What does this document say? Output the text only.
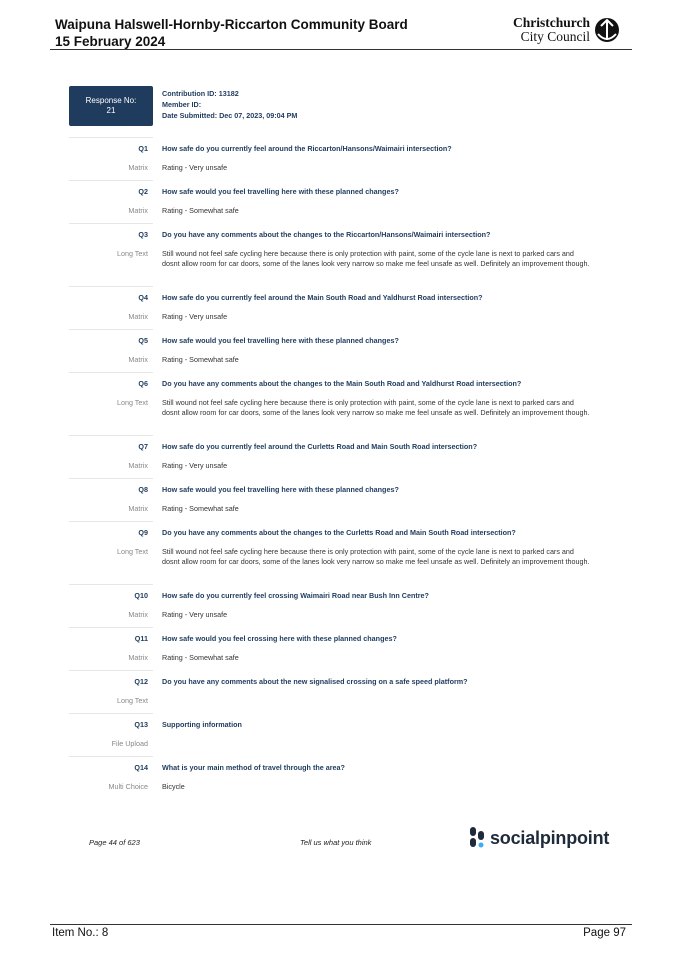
Waipuna Halswell-Hornby-Riccarton Community Board
15 February 2024
Christchurch
City Council
Response No:
21
Contribution ID: 13182
Member ID:
Date Submitted: Dec 07, 2023, 09:04 PM
Q1 How safe do you currently feel around the Riccarton/Hansons/Waimairi intersection?
Matrix Rating - Very unsafe
Q2 How safe would you feel travelling here with these planned changes?
Matrix Rating - Somewhat safe
Q3 Do you have any comments about the changes to the Riccarton/Hansons/Waimairi intersection?
Long Text Still wound not feel safe cycling here because there is only protection with paint, some of the cycle lane is next to parked cars and dosnt allow room for car doors, some of the lanes look very narrow so make me feel unsafe as well. Definitely an improvement though.
Q4 How safe do you currently feel around the Main South Road and Yaldhurst Road intersection?
Matrix Rating - Very unsafe
Q5 How safe would you feel travelling here with these planned changes?
Matrix Rating - Somewhat safe
Q6 Do you have any comments about the changes to the Main South Road and Yaldhurst Road intersection?
Long Text Still wound not feel safe cycling here because there is only protection with paint, some of the cycle lane is next to parked cars and dosnt allow room for car doors, some of the lanes look very narrow so make me feel unsafe as well. Definitely an improvement though.
Q7 How safe do you currently feel around the Curletts Road and Main South Road intersection?
Matrix Rating - Very unsafe
Q8 How safe would you feel travelling here with these planned changes?
Matrix Rating - Somewhat safe
Q9 Do you have any comments about the changes to the Curletts Road and Main South Road intersection?
Long Text Still wound not feel safe cycling here because there is only protection with paint, some of the cycle lane is next to parked cars and dosnt allow room for car doors, some of the lanes look very narrow so make me feel unsafe as well. Definitely an improvement though.
Q10 How safe do you currently feel crossing Waimairi Road near Bush Inn Centre?
Matrix Rating - Very unsafe
Q11 How safe would you feel crossing here with these planned changes?
Matrix Rating - Somewhat safe
Q12 Do you have any comments about the new signalised crossing on a safe speed platform?
Long Text
Q13 Supporting information
File Upload
Q14 What is your main method of travel through the area?
Multi Choice Bicycle
Page 44 of 623	Tell us what you think	socialpinpoint
Item No.: 8	Page 97
